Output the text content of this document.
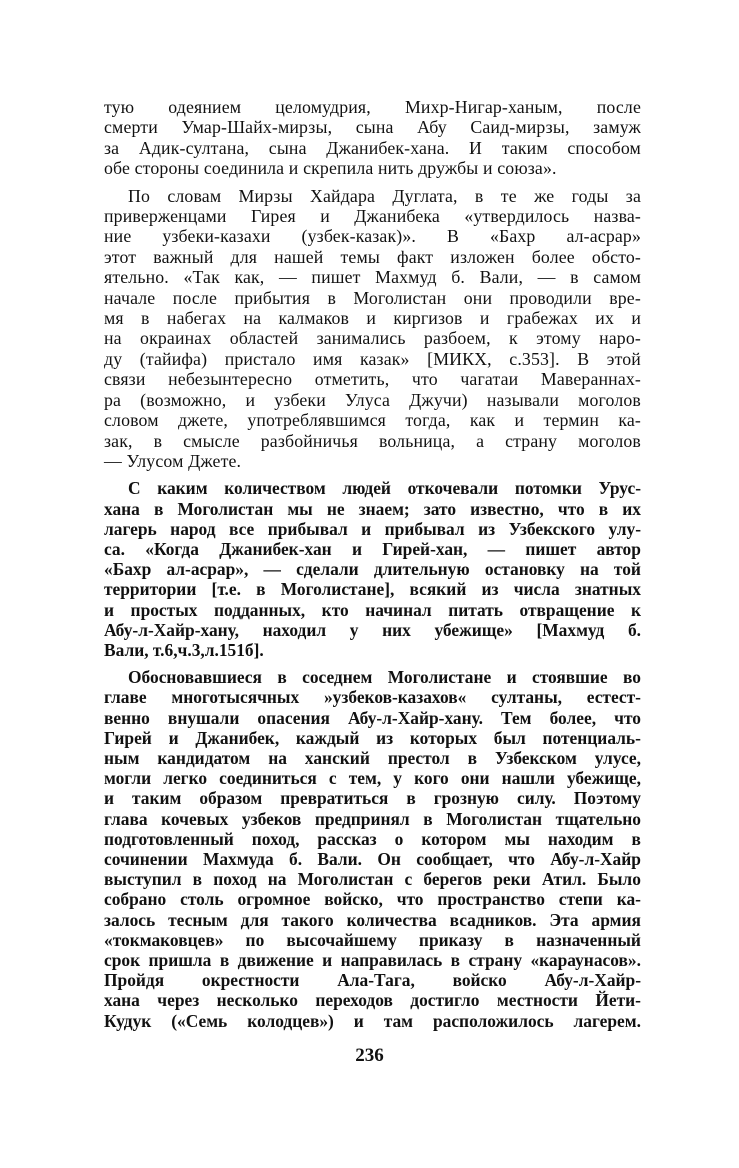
тую одеянием целомудрия, Михр-Нигар-ханым, после
смерти Умар-Шайх-мирзы, сына Абу Саид-мирзы, замуж
за Адик-султана, сына Джанибек-хана. И таким способом
обе стороны соединила и скрепила нить дружбы и союза».
По словам Мирзы Хайдара Дуглата, в те же годы за
приверженцами Гирея и Джанибека «утвердилось назва-
ние узбеки-казахи (узбек-казак)». В «Бахр ал-асрар»
этот важный для нашей темы факт изложен более обсто-
ятельно. «Так как, — пишет Махмуд б. Вали, — в самом
начале после прибытия в Моголистан они проводили вре-
мя в набегах на калмаков и киргизов и грабежах их и
на окраинах областей занимались разбоем, к этому наро-
ду (тайифа) пристало имя казак» [МИКХ, с.353]. В этой
связи небезынтересно отметить, что чагатаи Мавераннах-
ра (возможно, и узбеки Улуса Джучи) называли моголов
словом джете, употреблявшимся тогда, как и термин ка-
зак, в смысле разбойничья вольница, а страну моголов
— Улусом Джете.
С каким количеством людей откочевали потомки Урус-
хана в Моголистан мы не знаем; зато известно, что в их
лагерь народ все прибывал и прибывал из Узбекского улу-
са. «Когда Джанибек-хан и Гирей-хан, — пишет автор
«Бахр ал-асрар», — сделали длительную остановку на той
территории [т.е. в Моголистане], всякий из числа знатных
и простых подданных, кто начинал питать отвращение к
Абу-л-Хайр-хану, находил у них убежище» [Махмуд б.
Вали, т.6,ч.3,л.151б].
Обосновавшиеся в соседнем Моголистане и стоявшие во
главе многотысячных »узбеков-казахов« султаны, естест-
венно внушали опасения Абу-л-Хайр-хану. Тем более, что
Гирей и Джанибек, каждый из которых был потенциаль-
ным кандидатом на ханский престол в Узбекском улусе,
могли легко соединиться с тем, у кого они нашли убежище,
и таким образом превратиться в грозную силу. Поэтому
глава кочевых узбеков предпринял в Моголистан тщательно
подготовленный поход, рассказ о котором мы находим в
сочинении Махмуда б. Вали. Он сообщает, что Абу-л-Хайр
выступил в поход на Моголистан с берегов реки Атил. Было
собрано столь огромное войско, что пространство степи ка-
залось тесным для такого количества всадников. Эта армия
«токмаковцев» по высочайшему приказу в назначенный
срок пришла в движение и направилась в страну «караунасов».
Пройдя окрестности Ала-Тага, войско Абу-л-Хайр-
хана через несколько переходов достигло местности Йети-
Кудук («Семь колодцев») и там расположилось лагерем.
236
